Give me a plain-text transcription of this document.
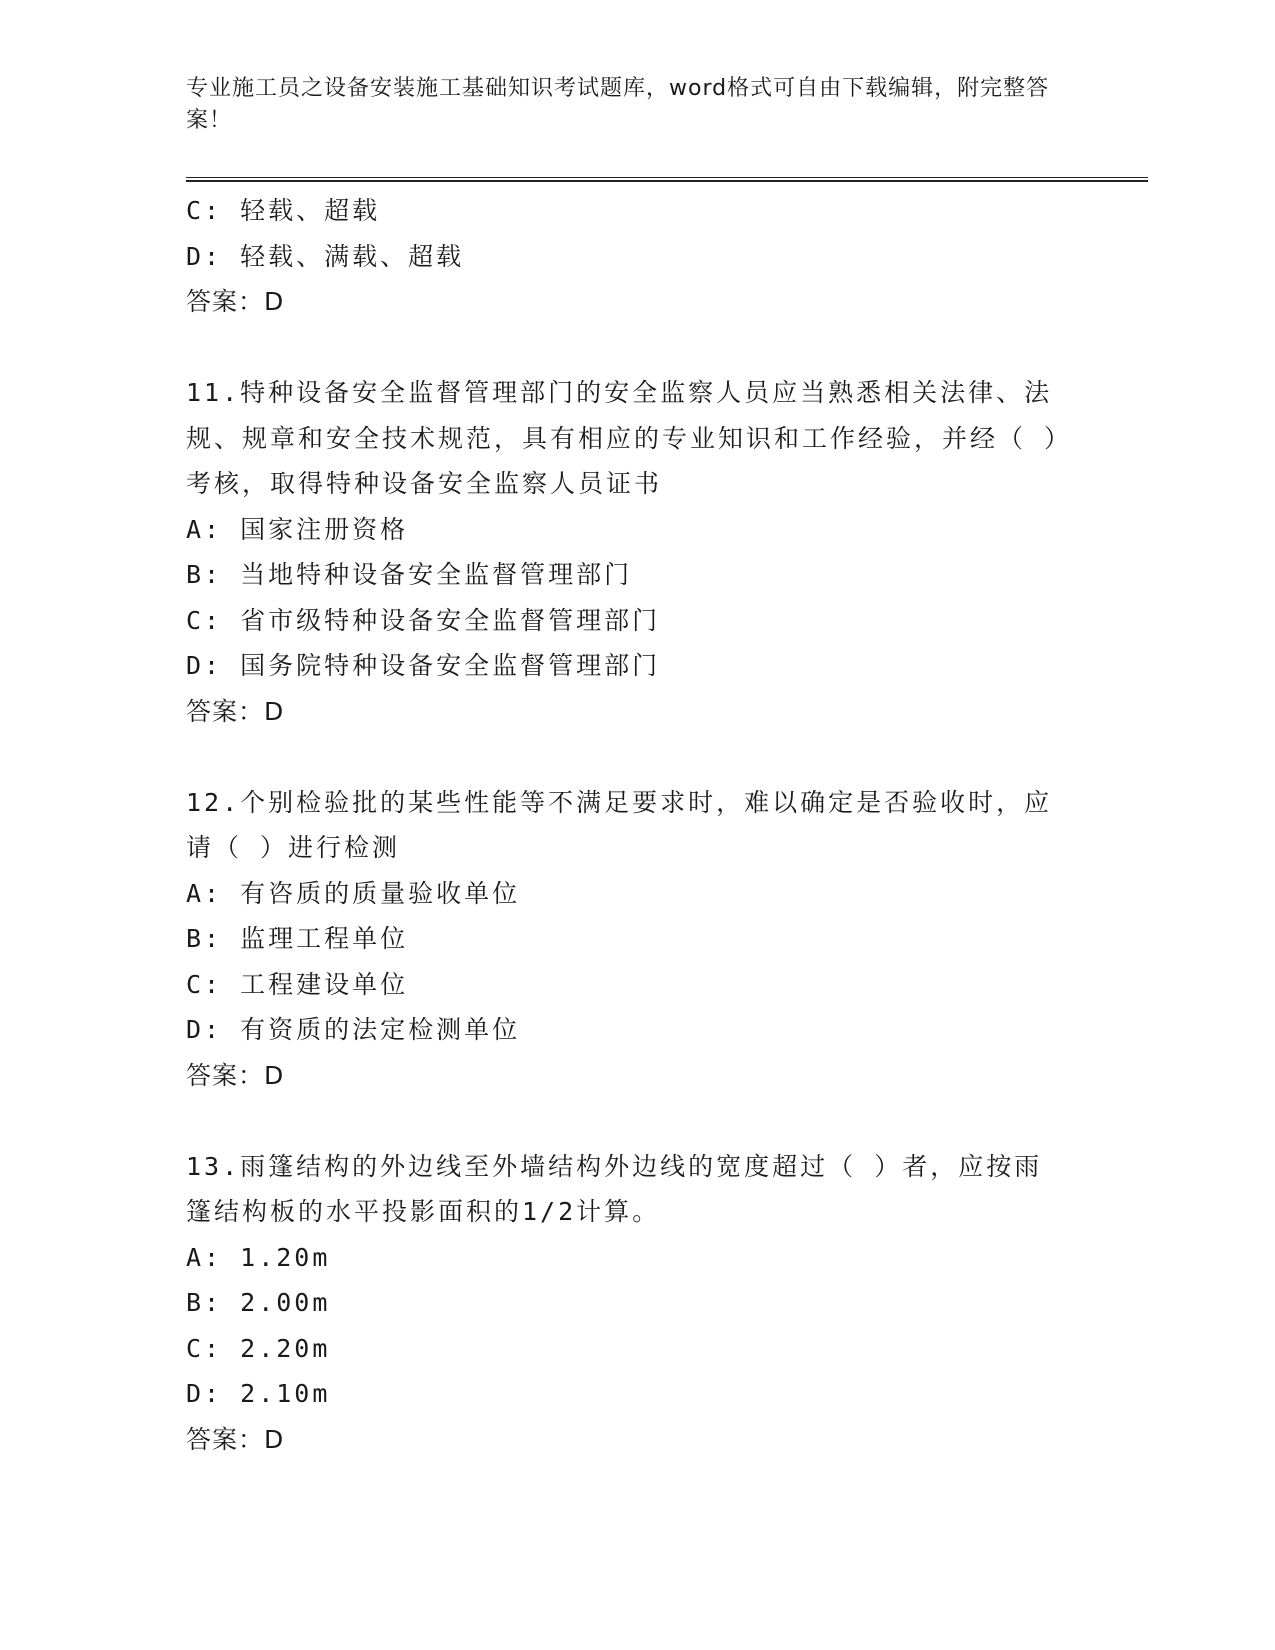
专业施工员之设备安装施工基础知识考试题库，word格式可自由下载编辑，附完整答案！
C: 轻载、超载
D: 轻载、满载、超载
答案：D
11.特种设备安全监督管理部门的安全监察人员应当熟悉相关法律、法规、规章和安全技术规范，具有相应的专业知识和工作经验，并经（ ）考核，取得特种设备安全监察人员证书
A: 国家注册资格
B: 当地特种设备安全监督管理部门
C: 省市级特种设备安全监督管理部门
D: 国务院特种设备安全监督管理部门
答案：D
12.个别检验批的某些性能等不满足要求时，难以确定是否验收时，应请（ ）进行检测
A: 有咨质的质量验收单位
B: 监理工程单位
C: 工程建设单位
D: 有资质的法定检测单位
答案：D
13.雨篷结构的外边线至外墙结构外边线的宽度超过（ ）者，应按雨篷结构板的水平投影面积的1/2计算。
A: 1.20m
B: 2.00m
C: 2.20m
D: 2.10m
答案：D
